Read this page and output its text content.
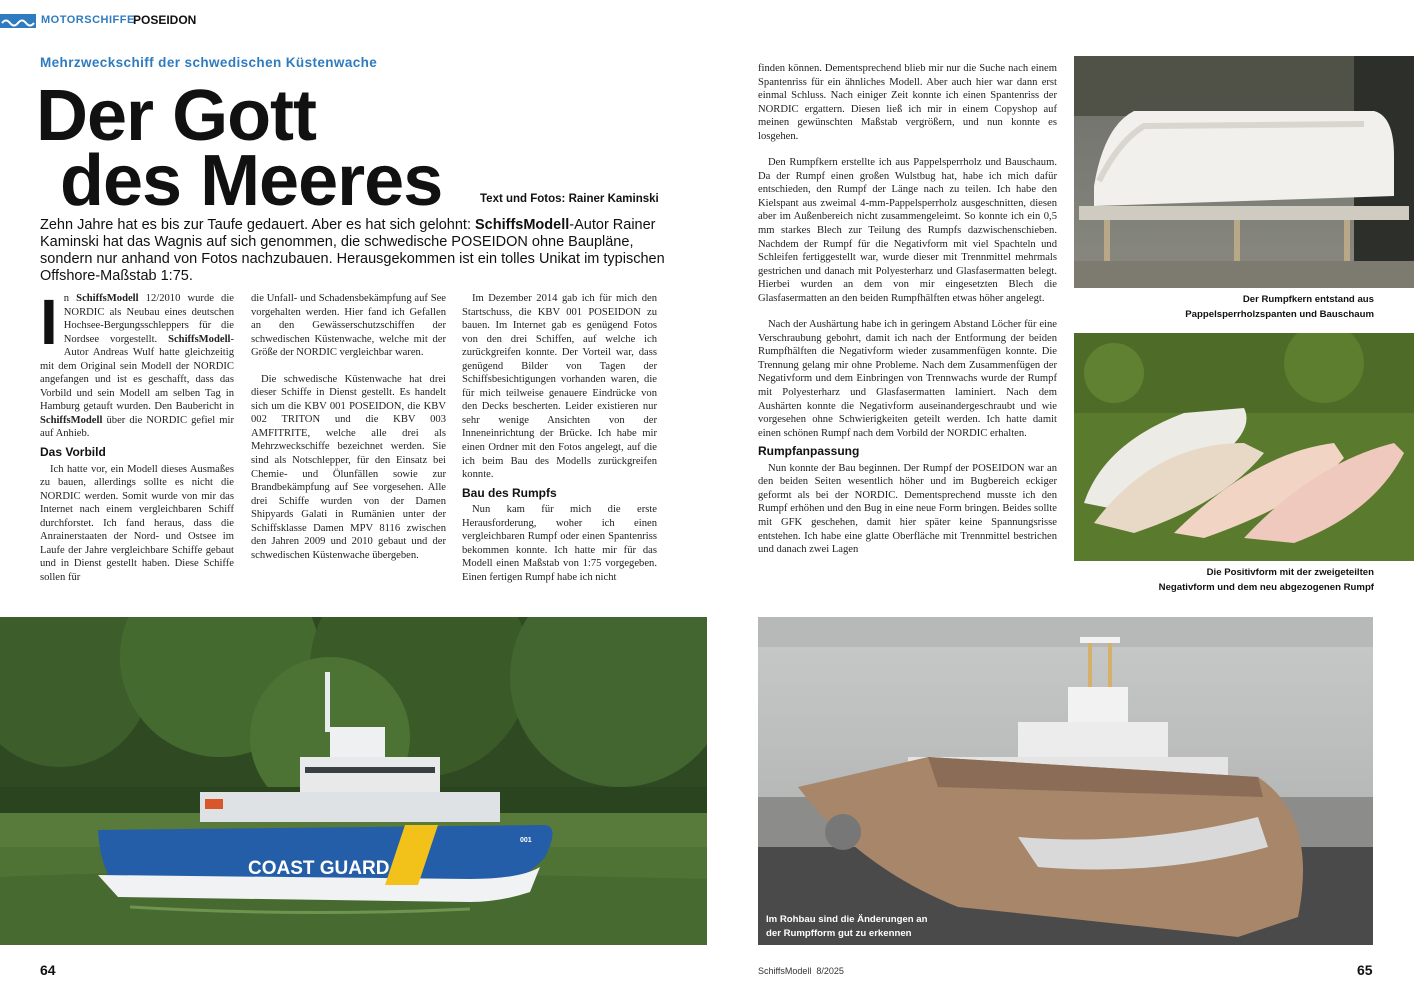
MOTORSCHIFFE
POSEIDON
Mehrzweckschiff der schwedischen Küstenwache
Der Gott
des Meeres	Text und Fotos: Rainer Kaminski
Zehn Jahre hat es bis zur Taufe gedauert. Aber es hat sich gelohnt: SchiffsModell-Autor Rainer Kaminski hat das Wagnis auf sich genommen, die schwedische POSEIDON ohne Baupläne, sondern nur anhand von Fotos nachzubauen. Herausgekommen ist ein tolles Unikat im typischen Offshore-Maßstab 1:75.

In SchiffsModell 12/2010 wurde die NORDIC als Neubau eines deutschen Hochsee-Bergungsschleppers für die Nordsee vorgestellt. SchiffsModell-Autor Andreas Wulf hatte gleichzeitig mit dem Original sein Modell der NORDIC angefangen und ist es geschafft, dass das Vorbild und sein Modell am selben Tag in Hamburg getauft wurden. Den Baubericht in SchiffsModell über die NORDIC gefiel mir auf Anhieb.

Das Vorbild

Ich hatte vor, ein Modell dieses Ausmaßes zu bauen, allerdings sollte es nicht die NORDIC werden. Somit wurde von mir das Internet nach einem vergleichbaren Schiff durchforstet. Ich fand heraus, dass die Anrainerstaaten der Nord- und Ostsee im Laufe der Jahre vergleichbare Schiffe gebaut und in Dienst gestellt haben. Diese Schiffe sollen für

die Unfall- und Schadensbekämpfung auf See vorgehalten werden. Hier fand ich Gefallen an den Gewässerschutzschiffen der schwedischen Küstenwache, welche mit der Größe der NORDIC vergleichbar waren.

Die schwedische Küstenwache hat drei dieser Schiffe in Dienst gestellt. Es handelt sich um die KBV 001 POSEIDON, die KBV 002 TRITON und die KBV 003 AMFITRITE, welche alle drei als Mehrzweckschiffe bezeichnet werden. Sie sind als Notschlepper, für den Einsatz bei Chemie- und Ölunfällen sowie zur Brandbekämpfung auf See vorgesehen. Alle drei Schiffe wurden von der Damen Shipyards Galati in Rumänien unter der Schiffsklasse Damen MPV 8116 zwischen den Jahren 2009 und 2010 gebaut und der schwedischen Küstenwache übergeben.

Im Dezember 2014 gab ich für mich den Startschuss, die KBV 001 POSEIDON zu bauen. Im Internet gab es genügend Fotos von den drei Schiffen, auf welche ich zurückgreifen konnte. Der Vorteil war, dass genügend Bilder von Tagen der Schiffsbesichtigungen vorhanden waren, die für mich teilweise genauere Eindrücke von den Decks bescherten. Leider existieren nur sehr wenige Ansichten von der Inneneinrichtung der Brücke. Ich habe mir einen Ordner mit den Fotos angelegt, auf die ich beim Bau des Modells zurückgreifen konnte.

Bau des Rumpfs

Nun kam für mich die erste Herausforderung, woher ich einen vergleichbaren Rumpf oder einen Spantenriss bekommen konnte. Ich hatte mir für das Modell einen Maßstab von 1:75 vorgegeben. Einen fertigen Rumpf habe ich nicht

finden können. Dementsprechend blieb mir nur die Suche nach einem Spantenriss für ein ähnliches Modell. Aber auch hier war dann erst einmal Schluss. Nach einiger Zeit konnte ich einen Spantenriss der NORDIC ergattern. Diesen ließ ich mir in einem Copyshop auf meinen gewünschten Maßstab vergrößern, und nun konnte es losgehen.

Den Rumpfkern erstellte ich aus Pappelsperrholz und Bauschaum. Da der Rumpf einen großen Wulstbug hat, habe ich mich dafür entschieden, den Rumpf der Länge nach zu teilen. Ich habe den Kielspant aus zweimal 4-mm-Pappelsperrholz ausgeschnitten, diesen aber im Außenbereich nicht zusammengeleimt. So konnte ich ein 0,5 mm starkes Blech zur Teilung des Rumpfs dazwischenschieben. Nachdem der Rumpf für die Negativform mit viel Spachteln und Schleifen fertiggestellt war, wurde dieser mit Trennmittel mehrmals gestrichen und danach mit Polyesterharz und Glasfasermatten belegt. Hierbei wurden an dem von mir eingesetzten Blech die Glasfasermatten an den beiden Rumpfhälften etwas höher angelegt.

Nach der Aushärtung habe ich in geringem Abstand Löcher für eine Verschraubung gebohrt, damit ich nach der Entformung der beiden Rumpfhälften die Negativform wieder zusammenfügen konnte. Die Trennung gelang mir ohne Probleme. Nach dem Zusammenfügen der Negativform und dem Einbringen von Trennwachs wurde der Rumpf mit Polyesterharz und Glasfasermatten laminiert. Nach dem Aushärten konnte die Negativform auseinandergeschraubt und wie vorgesehen ohne Schwierigkeiten geteilt werden. Ich hatte damit einen schönen Rumpf nach dem Vorbild der NORDIC erhalten.

Rumpfanpassung

Nun konnte der Bau beginnen. Der Rumpf der POSEIDON war an den beiden Seiten wesentlich höher und im Bugbereich eckiger geformt als bei der NORDIC. Dementsprechend musste ich den Rumpf erhöhen und den Bug in eine neue Form bringen. Beides sollte mit GFK geschehen, damit hier später keine Spannungsrisse entstehen. Ich habe eine glatte Oberfläche mit Trennmittel bestrichen und danach zwei Lagen

Der Rumpfkern entstand aus
Pappelsperrholzspanten und Bauschaum
Die Positivform mit der zweigeteilten
Negativform und dem neu abgezogenen Rumpf
COAST GUARD
001
Im Rohbau sind die Änderungen an
der Rumpfform gut zu erkennen
64	SchiffsModell 8/2025	65
